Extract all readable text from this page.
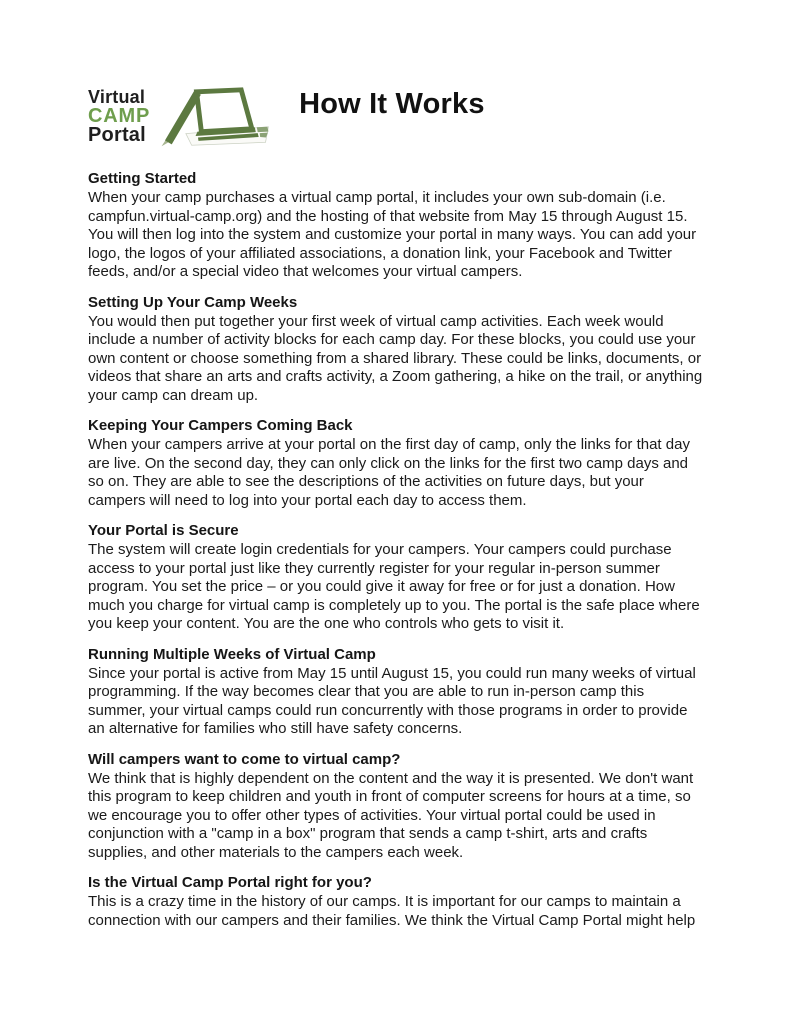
Virtual
CAMP
Portal
How It Works
Getting Started

When your camp purchases a virtual camp portal, it includes your own sub-domain (i.e. campfun.virtual-camp.org) and the hosting of that website from May 15 through August 15. You will then log into the system and customize your portal in many ways. You can add your logo, the logos of your affiliated associations, a donation link, your Facebook and Twitter feeds, and/or a special video that welcomes your virtual campers.

Setting Up Your Camp Weeks

You would then put together your first week of virtual camp activities. Each week would include a number of activity blocks for each camp day. For these blocks, you could use your own content or choose something from a shared library. These could be links, documents, or videos that share an arts and crafts activity, a Zoom gathering, a hike on the trail, or anything your camp can dream up.

Keeping Your Campers Coming Back

When your campers arrive at your portal on the first day of camp, only the links for that day are live. On the second day, they can only click on the links for the first two camp days and so on. They are able to see the descriptions of the activities on future days, but your campers will need to log into your portal each day to access them.

Your Portal is Secure

The system will create login credentials for your campers. Your campers could purchase access to your portal just like they currently register for your regular in-person summer program. You set the price – or you could give it away for free or for just a donation. How much you charge for virtual camp is completely up to you. The portal is the safe place where you keep your content. You are the one who controls who gets to visit it.

Running Multiple Weeks of Virtual Camp

Since your portal is active from May 15 until August 15, you could run many weeks of virtual programming. If the way becomes clear that you are able to run in-person camp this summer, your virtual camps could run concurrently with those programs in order to provide an alternative for families who still have safety concerns.

Will campers want to come to virtual camp?

We think that is highly dependent on the content and the way it is presented. We don't want this program to keep children and youth in front of computer screens for hours at a time, so we encourage you to offer other types of activities. Your virtual portal could be used in conjunction with a "camp in a box" program that sends a camp t-shirt, arts and crafts supplies, and other materials to the campers each week.

Is the Virtual Camp Portal right for you?

This is a crazy time in the history of our camps. It is important for our camps to maintain a connection with our campers and their families. We think the Virtual Camp Portal might help
